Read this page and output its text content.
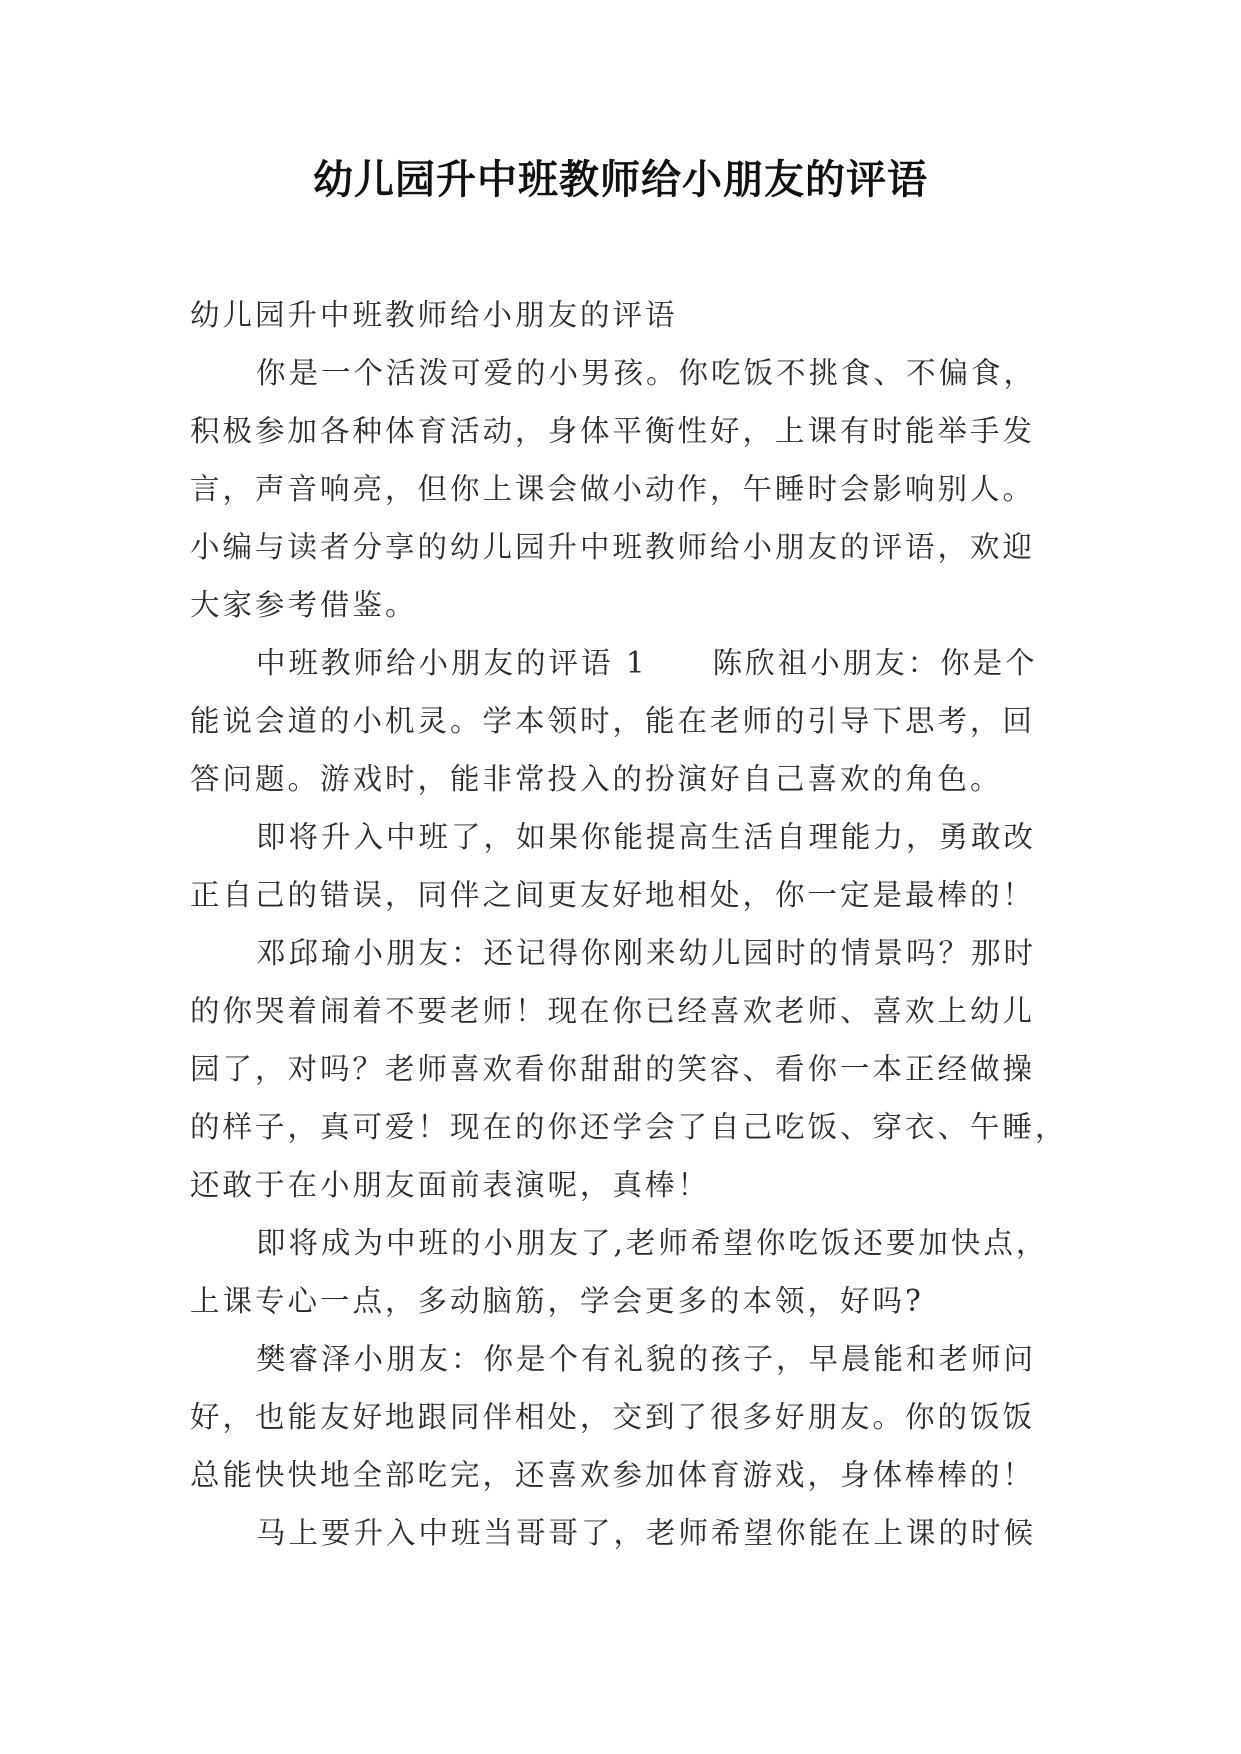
幼儿园升中班教师给小朋友的评语
幼儿园升中班教师给小朋友的评语
你是一个活泼可爱的小男孩。你吃饭不挑食、不偏食，
积极参加各种体育活动，身体平衡性好，上课有时能举手发
言，声音响亮，但你上课会做小动作，午睡时会影响别人。
小编与读者分享的幼儿园升中班教师给小朋友的评语，欢迎
大家参考借鉴。
中班教师给小朋友的评语 1　　陈欣祖小朋友：你是个
能说会道的小机灵。学本领时，能在老师的引导下思考，回
答问题。游戏时，能非常投入的扮演好自己喜欢的角色。
即将升入中班了，如果你能提高生活自理能力，勇敢改
正自己的错误，同伴之间更友好地相处，你一定是最棒的！
邓邱瑜小朋友：还记得你刚来幼儿园时的情景吗？那时
的你哭着闹着不要老师！现在你已经喜欢老师、喜欢上幼儿
园了，对吗？老师喜欢看你甜甜的笑容、看你一本正经做操
的样子，真可爱！现在的你还学会了自己吃饭、穿衣、午睡，
还敢于在小朋友面前表演呢，真棒！
即将成为中班的小朋友了,老师希望你吃饭还要加快点，
上课专心一点，多动脑筋，学会更多的本领，好吗?
樊睿泽小朋友：你是个有礼貌的孩子，早晨能和老师问
好，也能友好地跟同伴相处，交到了很多好朋友。你的饭饭
总能快快地全部吃完，还喜欢参加体育游戏，身体棒棒的！
马上要升入中班当哥哥了，老师希望你能在上课的时候
